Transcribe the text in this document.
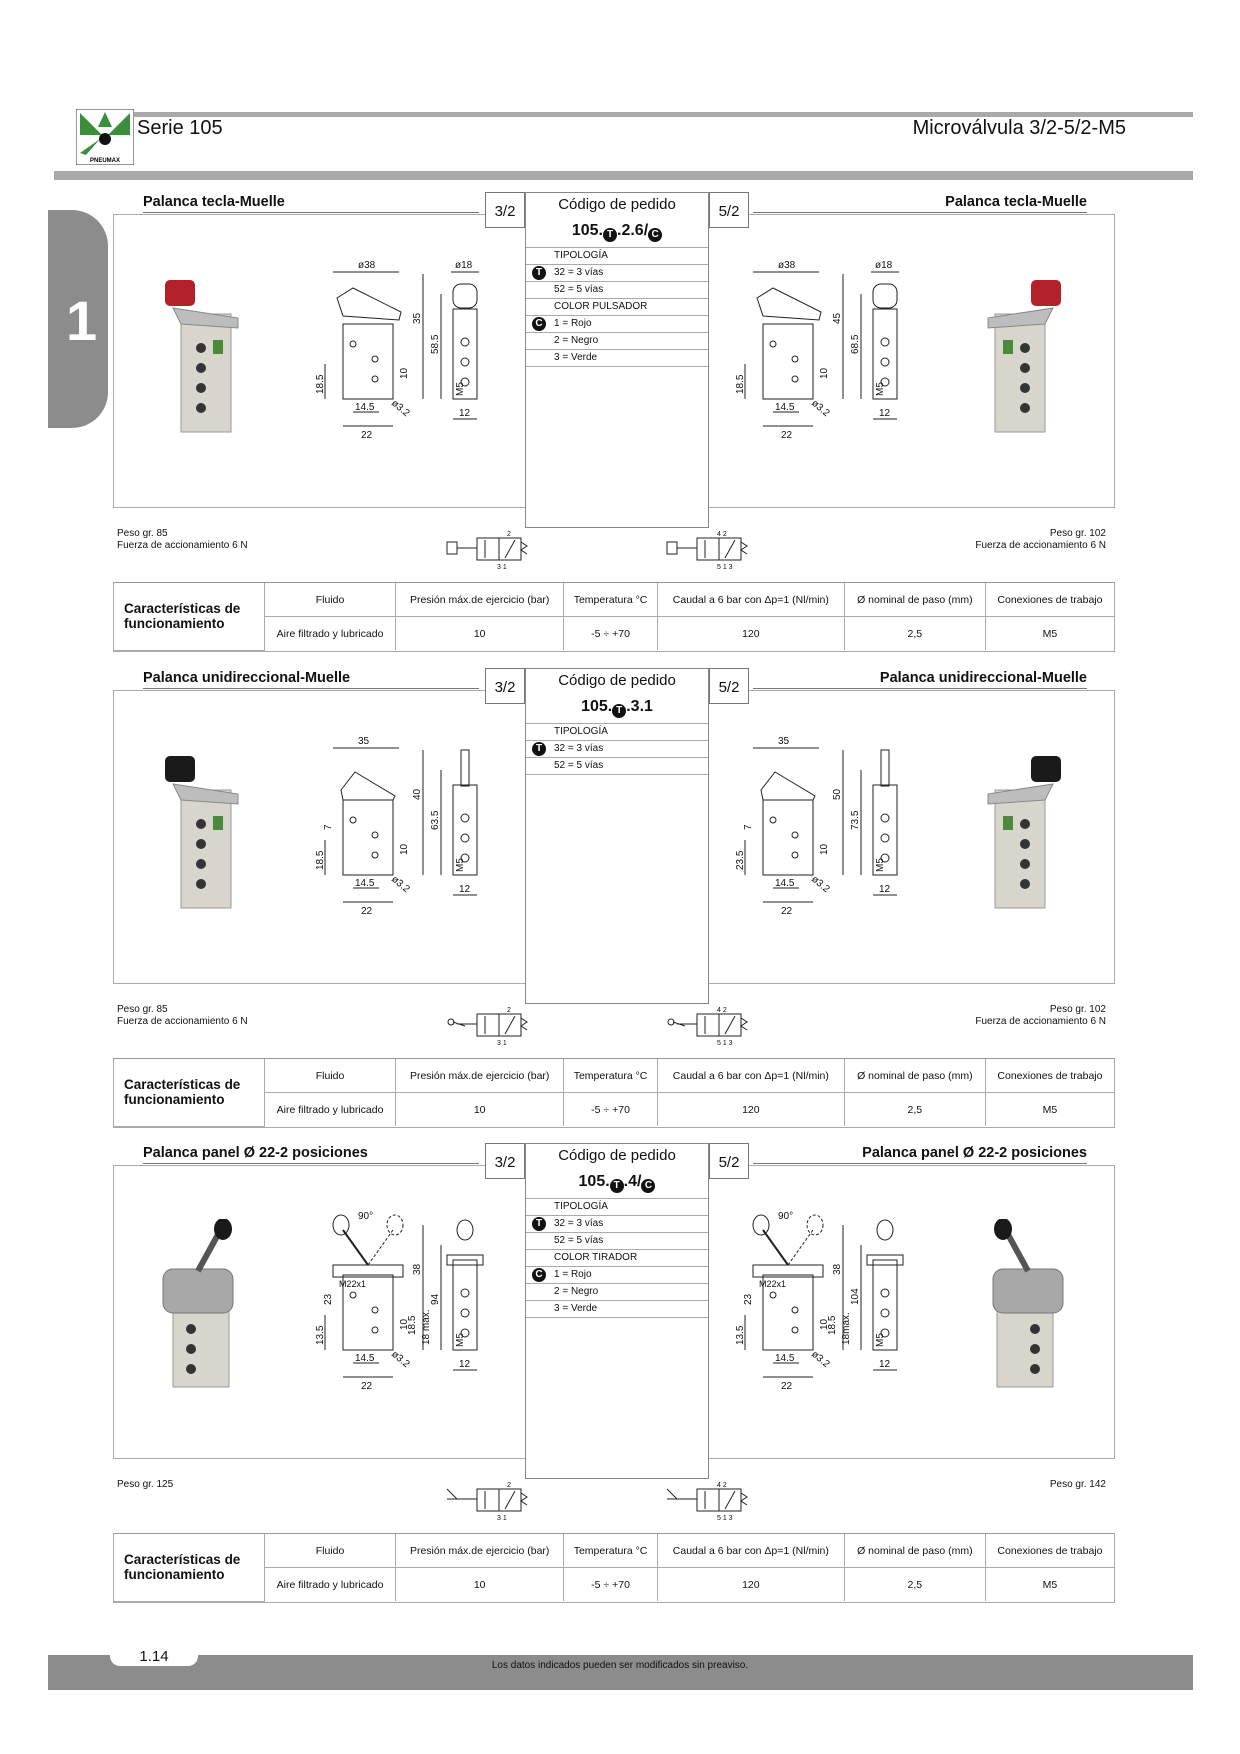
PNEUMAX
Serie 105	Microválvula 3/2-5/2-M5
1
Palanca tecla-Muelle	Palanca tecla-Muelle
3/2	5/2
Código de pedido
105. T .2.6/ C
TIPOLOGÍA
T	32 = 3 vías
52 = 5 vías
COLOR PULSADOR
C	1 = Rojo
2 = Negro
3 = Verde
ø38	ø18
35
58.5
18.5
10
M5
ø3.2
14.5
22
12
ø38	ø18
45
68.5
18.5
10
M5
ø3.2
14.5
22
12
Peso gr. 85
Fuerza de accionamiento 6 N
Peso gr. 102
Fuerza de accionamiento 6 N
2
3 1
4 2
5 1 3
Características de
funcionamiento	Fluido	Presión máx.de ejercicio (bar)	Temperatura °C	Caudal a 6 bar con Δp=1 (Nl/min)	Ø nominal de paso (mm)	Conexiones de trabajo
	Aire filtrado y lubricado	10	-5 ÷ +70	120	2,5	M5
Palanca unidireccional-Muelle	Palanca unidireccional-Muelle
3/2	5/2
Código de pedido
105. T .3.1
TIPOLOGÍA
T	32 = 3 vías
52 = 5 vías
35
40
63.5
18.5
10
M5
ø3.2
7
14.5
22
12
35
50
73.5
23.5
10
M5
ø3.2
7
14.5
22
12
Peso gr. 85
Fuerza de accionamiento 6 N
Peso gr. 102
Fuerza de accionamiento 6 N
2
3 1
4 2
5 1 3
Características de
funcionamiento	Fluido	Presión máx.de ejercicio (bar)	Temperatura °C	Caudal a 6 bar con Δp=1 (Nl/min)	Ø nominal de paso (mm)	Conexiones de trabajo
	Aire filtrado y lubricado	10	-5 ÷ +70	120	2,5	M5
Palanca panel Ø 22-2 posiciones	Palanca panel Ø 22-2 posiciones
3/2	5/2
Código de pedido
105. T .4/ C
TIPOLOGÍA
T	32 = 3 vías
52 = 5 vías
COLOR TIRADOR
C	1 = Rojo
2 = Negro
3 = Verde
90°
M22x1
38
94
13.5
10
M5
ø3.2
23
18.5 18 max.
14.5
22
12
90°
M22x1
38
104
13.5
10
M5
ø3.2
23
18.5 18max.
14.5
22
12
Peso gr. 125	Peso gr. 142
2
3 1
4 2
5 1 3
Características de
funcionamiento	Fluido	Presión máx.de ejercicio (bar)	Temperatura °C	Caudal a 6 bar con Δp=1 (Nl/min)	Ø nominal de paso (mm)	Conexiones de trabajo
	Aire filtrado y lubricado	10	-5 ÷ +70	120	2,5	M5
1.14
Los datos indicados pueden ser modificados sin preaviso.
